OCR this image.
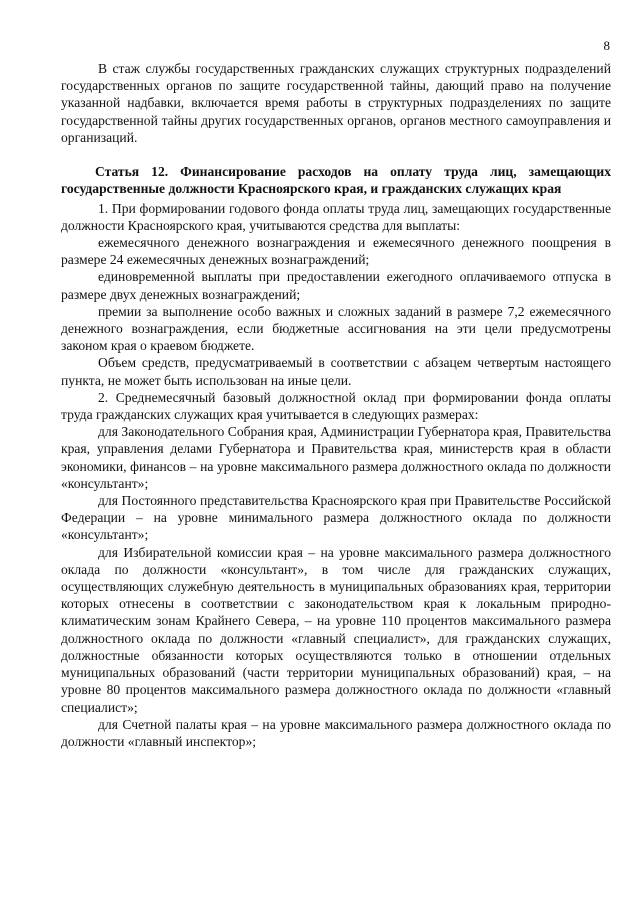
8

В стаж службы государственных гражданских служащих структурных подразделений государственных органов по защите государственной тайны, дающий право на получение указанной надбавки, включается время работы в структурных подразделениях по защите государственной тайны других государственных органов, органов местного самоуправления и организаций.

Статья 12. Финансирование расходов на оплату труда лиц, замещающих государственные должности Красноярского края, и гражданских служащих края

1. При формировании годового фонда оплаты труда лиц, замещающих государственные должности Красноярского края, учитываются средства для выплаты:

ежемесячного денежного вознаграждения и ежемесячного денежного поощрения в размере 24 ежемесячных денежных вознаграждений;

единовременной выплаты при предоставлении ежегодного оплачиваемого отпуска в размере двух денежных вознаграждений;

премии за выполнение особо важных и сложных заданий в размере 7,2 ежемесячного денежного вознаграждения, если бюджетные ассигнования на эти цели предусмотрены законом края о краевом бюджете.

Объем средств, предусматриваемый в соответствии с абзацем четвертым настоящего пункта, не может быть использован на иные цели.

2. Среднемесячный базовый должностной оклад при формировании фонда оплаты труда гражданских служащих края учитывается в следующих размерах:

для Законодательного Собрания края, Администрации Губернатора края, Правительства края, управления делами Губернатора и Правительства края, министерств края в области экономики, финансов – на уровне максимального размера должностного оклада по должности «консультант»;

для Постоянного представительства Красноярского края при Правительстве Российской Федерации – на уровне минимального размера должностного оклада по должности «консультант»;

для Избирательной комиссии края – на уровне максимального размера должностного оклада по должности «консультант», в том числе для гражданских служащих, осуществляющих служебную деятельность в муниципальных образованиях края, территории которых отнесены в соответствии с законодательством края к локальным природно-климатическим зонам Крайнего Севера, – на уровне 110 процентов максимального размера должностного оклада по должности «главный специалист», для гражданских служащих, должностные обязанности которых осуществляются только в отношении отдельных муниципальных образований (части территории муниципальных образований) края, – на уровне 80 процентов максимального размера должностного оклада по должности «главный специалист»;

для Счетной палаты края – на уровне максимального размера должностного оклада по должности «главный инспектор»;
